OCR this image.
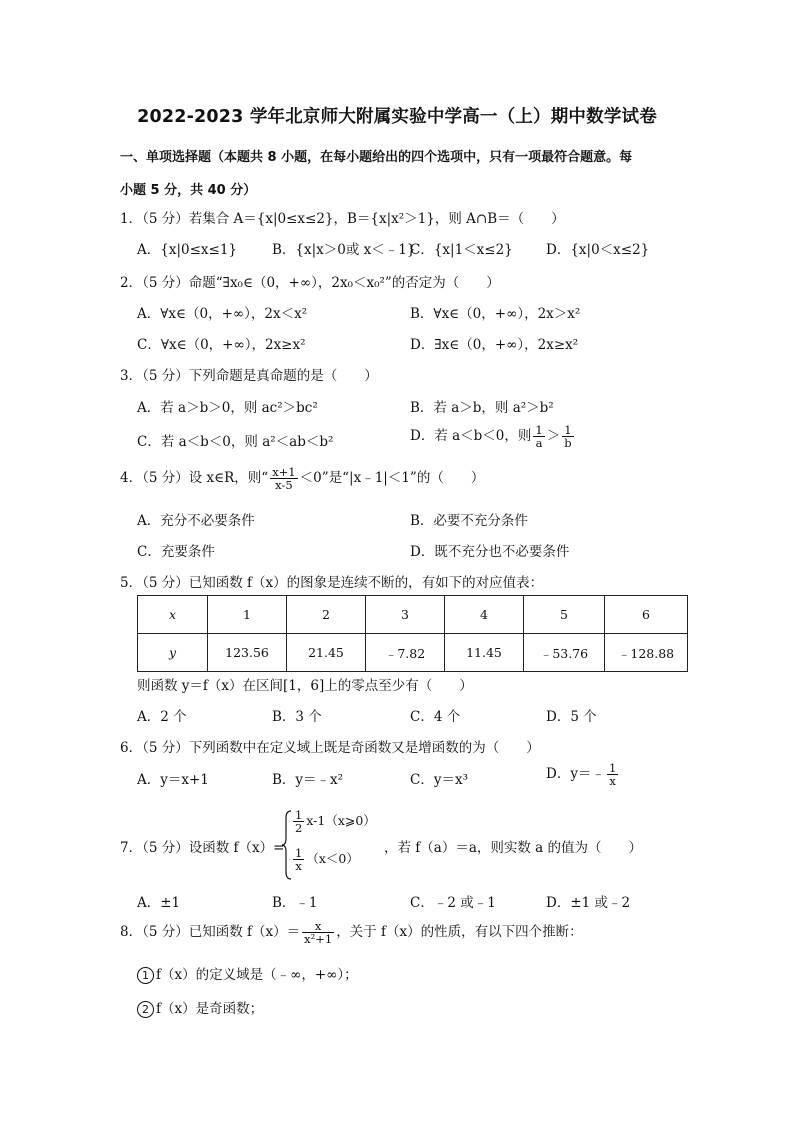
2022-2023 学年北京师大附属实验中学高一（上）期中数学试卷
一、单项选择题（本题共 8 小题，在每小题给出的四个选项中，只有一项最符合题意。每
小题 5 分，共 40 分）
1．（5 分）若集合 A＝{x|0≤x≤2}，B＝{x|x²＞1}，则 A∩B＝（　　）
A．{x|0≤x≤1}	B．{x|x＞0或 x＜﹣1}
C．{x|1＜x≤2} D．{x|0＜x≤2}
2．（5 分）命题“∃x₀∈（0，+∞），2x₀＜x₀²”的否定为（　　）
A．∀x∈（0，+∞），2x＜x²	B．∀x∈（0，+∞），2x＞x²
C．∀x∈（0，+∞），2x≥x²	D．∃x∈（0，+∞），2x≥x²
3．（5 分）下列命题是真命题的是（　　）
A．若 a＞b＞0，则 ac²＞bc²	B．若 a＞b，则 a²＞b²
C．若 a＜b＜0，则 a²＜ab＜b²	D．若 a＜b＜0，则 $\frac{1}{a} > \frac{1}{b}$
4．（5 分）设 x∈R，则“ $\frac{x+1}{x-5} <0$”是“|x﹣1|＜1”的（　　）
A．充分不必要条件	B．必要不充分条件
C．充要条件	D．既不充分也不必要条件
5．（5 分）已知函数 f（x）的图象是连续不断的，有如下的对应值表：
x	1	2	3	4	5	6
y	123.56	21.45	﹣7.82	11.45	﹣53.76	﹣128.88
则函数 y＝f（x）在区间[1，6]上的零点至少有（　　）
A．2 个	B．3 个	C．4 个	D．5 个
6．（5 分）下列函数中在定义域上既是奇函数又是增函数的为（　　）
A．y＝x+1	B．y＝﹣x²	C．y＝x³	D．y＝﹣ $\frac{1}{x}$
7．（5 分）设函数 f（x）=
$\frac{1}{2}$ x-1（x⩾0）
$\frac{1}{x} (x<0)$
，若 f（a）＝a，则实数 a 的值为（　　）
A．±1	B．﹣1	C．﹣2 或﹣1	D．±1 或﹣2
8．（5 分）已知函数 $f(x)= \frac{x}{\text{x²+1}}$ ，关于 f（x）的性质，有以下四个推断：
1 f（x）的定义域是（﹣∞，+∞）；
2 f（x）是奇函数；
